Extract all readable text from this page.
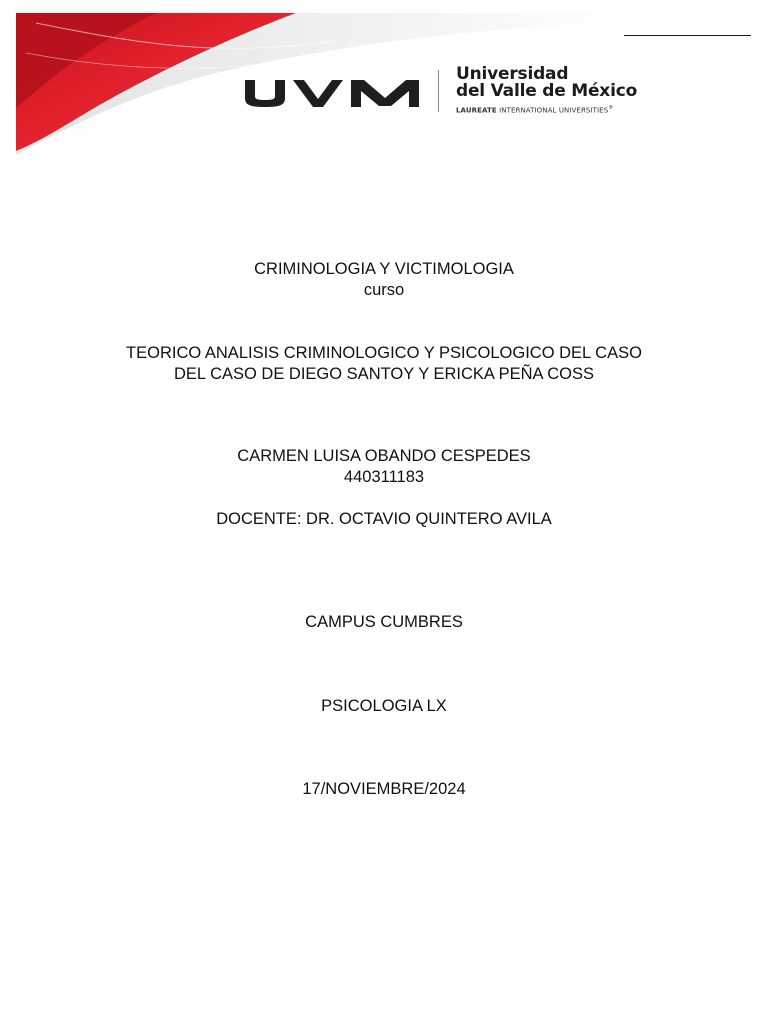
Universidad
del Valle de México
LAUREATE INTERNATIONAL UNIVERSITIES®
CRIMINOLOGIA Y VICTIMOLOGIA
curso
TEORICO ANALISIS CRIMINOLOGICO Y PSICOLOGICO DEL CASO
DEL CASO DE DIEGO SANTOY Y ERICKA PEÑA COSS
CARMEN LUISA OBANDO CESPEDES
440311183
DOCENTE: DR. OCTAVIO QUINTERO AVILA
CAMPUS CUMBRES
PSICOLOGIA LX
17/NOVIEMBRE/2024
